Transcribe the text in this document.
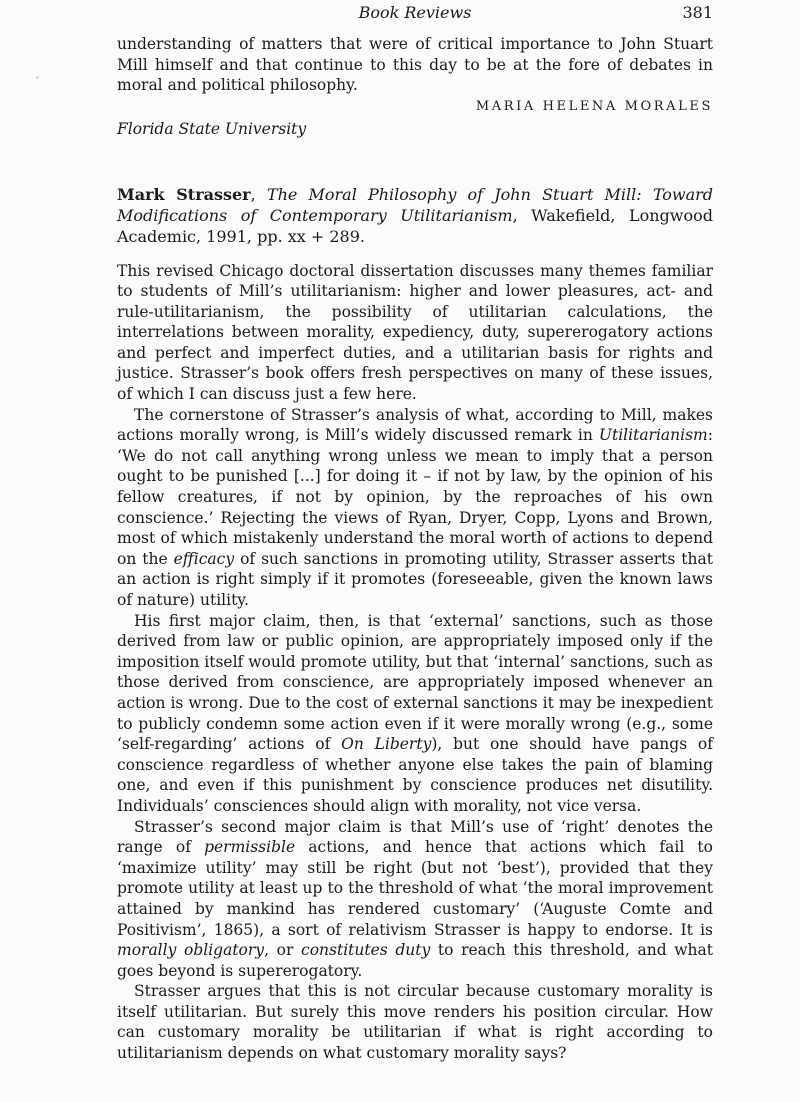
Book Reviews	381

understanding of matters that were of critical importance to John Stuart Mill himself and that continue to this day to be at the fore of debates in moral and political philosophy.

MARIA HELENA MORALES
Florida State University

Mark Strasser, The Moral Philosophy of John Stuart Mill: Toward Modifications of Contemporary Utilitarianism, Wakefield, Longwood Academic, 1991, pp. xx + 289.

This revised Chicago doctoral dissertation discusses many themes familiar to students of Mill’s utilitarianism: higher and lower pleasures, act- and rule-utilitarianism, the possibility of utilitarian calculations, the interrelations between morality, expediency, duty, supererogatory actions and perfect and imperfect duties, and a utilitarian basis for rights and justice. Strasser’s book offers fresh perspectives on many of these issues, of which I can discuss just a few here.

The cornerstone of Strasser’s analysis of what, according to Mill, makes actions morally wrong, is Mill’s widely discussed remark in Utilitarianism: ‘We do not call anything wrong unless we mean to imply that a person ought to be punished [...] for doing it – if not by law, by the opinion of his fellow creatures, if not by opinion, by the reproaches of his own conscience.’ Rejecting the views of Ryan, Dryer, Copp, Lyons and Brown, most of which mistakenly understand the moral worth of actions to depend on the efficacy of such sanctions in promoting utility, Strasser asserts that an action is right simply if it promotes (foreseeable, given the known laws of nature) utility.

His first major claim, then, is that ‘external’ sanctions, such as those derived from law or public opinion, are appropriately imposed only if the imposition itself would promote utility, but that ‘internal’ sanctions, such as those derived from conscience, are appropriately imposed whenever an action is wrong. Due to the cost of external sanctions it may be inexpedient to publicly condemn some action even if it were morally wrong (e.g., some ‘self-regarding’ actions of On Liberty), but one should have pangs of conscience regardless of whether anyone else takes the pain of blaming one, and even if this punishment by conscience produces net disutility. Individuals’ consciences should align with morality, not vice versa.

Strasser’s second major claim is that Mill’s use of ‘right’ denotes the range of permissible actions, and hence that actions which fail to ‘maximize utility’ may still be right (but not ‘best’), provided that they promote utility at least up to the threshold of what ‘the moral improvement attained by mankind has rendered customary’ (‘Auguste Comte and Positivism’, 1865), a sort of relativism Strasser is happy to endorse. It is morally obligatory, or constitutes duty to reach this threshold, and what goes beyond is supererogatory.

Strasser argues that this is not circular because customary morality is itself utilitarian. But surely this move renders his position circular. How can customary morality be utilitarian if what is right according to utilitarianism depends on what customary morality says?
